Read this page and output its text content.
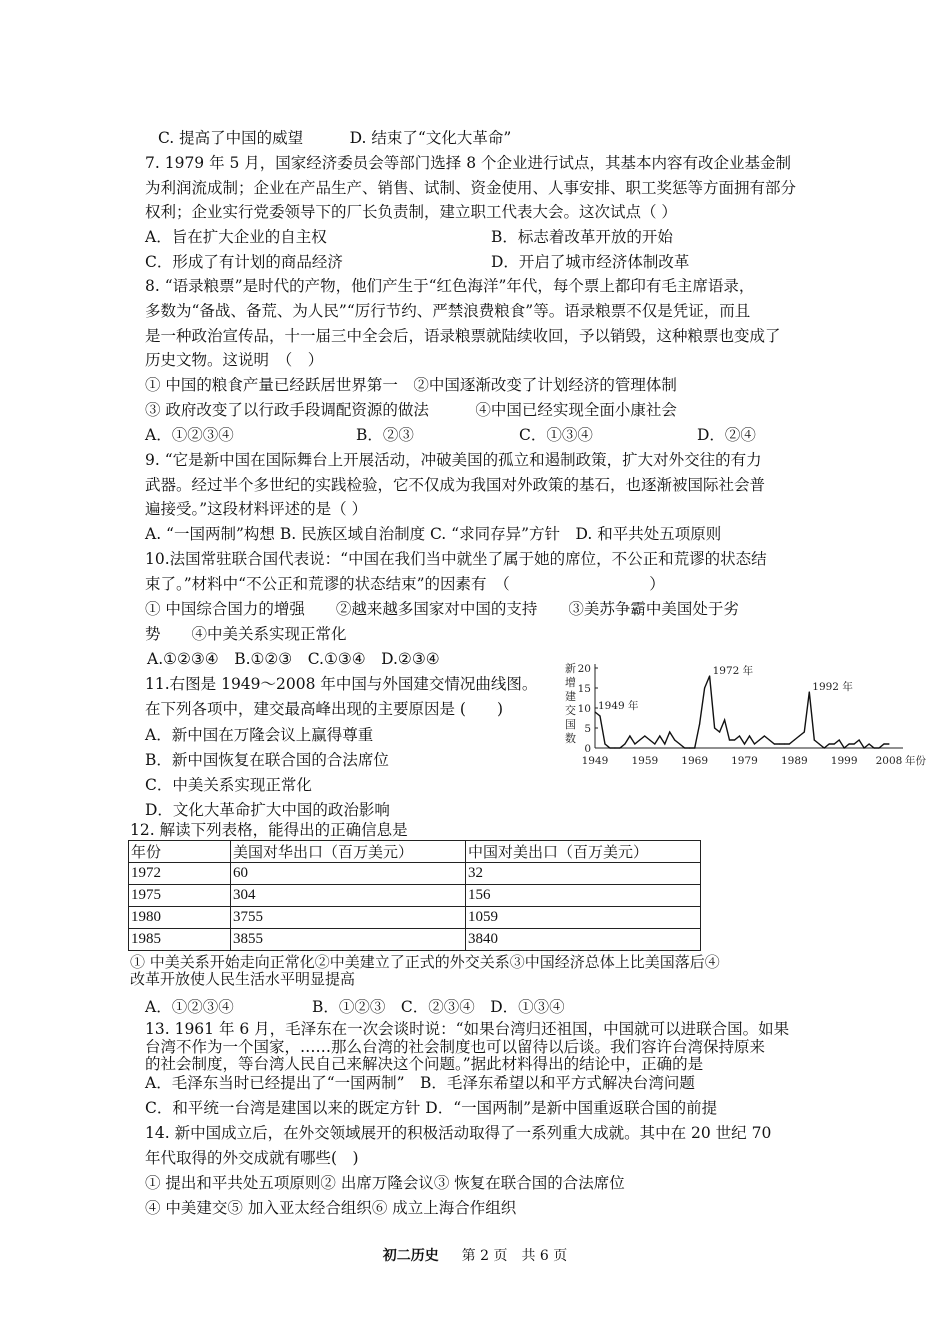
C. 提高了中国的威望　　　D. 结束了“文化大革命”
7. 1979 年 5 月，国家经济委员会等部门选择 8 个企业进行试点，其基本内容有改企业基金制
为利润流成制；企业在产品生产、销售、试制、资金使用、人事安排、职工奖惩等方面拥有部分
权利；企业实行党委领导下的厂长负责制，建立职工代表大会。这次试点（ ）
A．旨在扩大企业的自主权	B．标志着改革开放的开始
C．形成了有计划的商品经济	D．开启了城市经济体制改革
8. “语录粮票”是时代的产物，他们产生于“红色海洋”年代，每个票上都印有毛主席语录，
多数为“备战、备荒、为人民”“厉行节约、严禁浪费粮食”等。语录粮票不仅是凭证，而且
是一种政治宣传品，十一届三中全会后，语录粮票就陆续收回，予以销毁，这种粮票也变成了
历史文物。这说明　（　）
① 中国的粮食产量已经跃居世界第一　②中国逐渐改变了计划经济的管理体制
③ 政府改变了以行政手段调配资源的做法　　　④中国已经实现全面小康社会
A．①②③④	B．②③	C．①③④	D．②④
9. “它是新中国在国际舞台上开展活动，冲破美国的孤立和遏制政策，扩大对外交往的有力
武器。经过半个多世纪的实践检验，它不仅成为我国对外政策的基石，也逐渐被国际社会普
遍接受。”这段材料评述的是（ ）
A. “一国两制”构想 B. 民族区域自治制度 C. “求同存异”方针　D. 和平共处五项原则
10.法国常驻联合国代表说：“中国在我们当中就坐了属于她的席位，不公正和荒谬的状态结
束了。”材料中“不公正和荒谬的状态结束”的因素有　（　　　　　　　　　）
① 中国综合国力的增强　　②越来越多国家对中国的支持　　③美苏争霸中美国处于劣
势　　④中美关系实现正常化
A.①②③④　B.①②③　C.①③④　D.②③④
11.右图是 1949～2008 年中国与外国建交情况曲线图。
在下列各项中，建交最高峰出现的主要原因是 (　　)
A．新中国在万隆会议上赢得尊重
B．新中国恢复在联合国的合法席位
C．中美关系实现正常化
D．文化大革命扩大中国的政治影响
新
增
建
交
国
数
20
15
10
5
0
1949 1959 1969 1979 1989 1999 2008
1949 年
1972 年
1992 年
年份
12. 解读下列表格，能得出的正确信息是
年份	美国对华出口（百万美元）	中国对美出口（百万美元）
1972	60	32
1975	304	156
1980	3755	1059
1985	3855	3840
① 中美关系开始走向正常化②中美建立了正式的外交关系③中国经济总体上比美国落后④
改革开放使人民生活水平明显提高
A．①②③④	B．①②③　C．②③④　D．①③④
13. 1961 年 6 月，毛泽东在一次会谈时说：“如果台湾归还祖国，中国就可以进联合国。如果
台湾不作为一个国家，……那么台湾的社会制度也可以留待以后谈。我们容许台湾保持原来
的社会制度，等台湾人民自己来解决这个问题。”据此材料得出的结论中，正确的是
A．毛泽东当时已经提出了“一国两制”　B．毛泽东希望以和平方式解决台湾问题
C．和平统一台湾是建国以来的既定方针 D．“一国两制”是新中国重返联合国的前提
14. 新中国成立后，在外交领域展开的积极活动取得了一系列重大成就。其中在 20 世纪 70
年代取得的外交成就有哪些(　)
① 提出和平共处五项原则② 出席万隆会议③ 恢复在联合国的合法席位
④ 中美建交⑤ 加入亚太经合组织⑥ 成立上海合作组织
初二历史 　 第 2 页　共 6 页
